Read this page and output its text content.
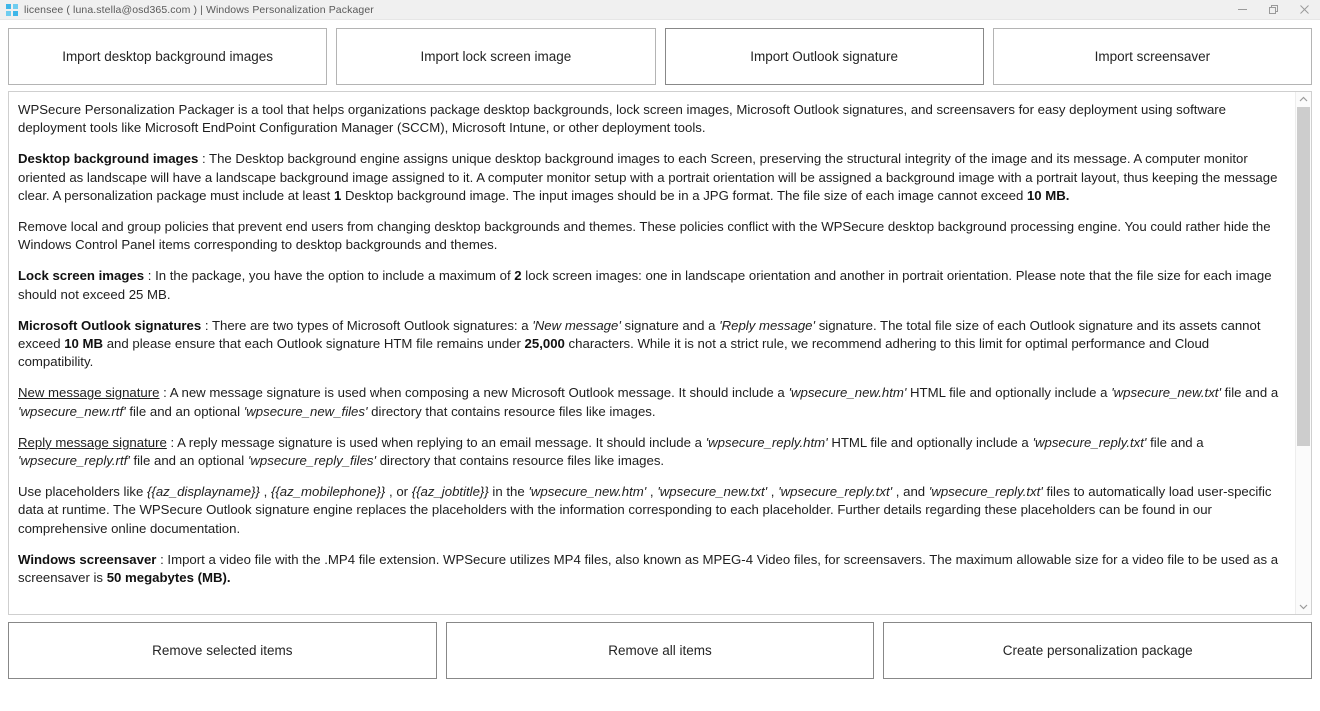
licensee ( luna.stella@osd365.com ) | Windows Personalization Packager
Import desktop background images	Import lock screen image	Import Outlook signature	Import screensaver

WPSecure Personalization Packager is a tool that helps organizations package desktop backgrounds, lock screen images, Microsoft Outlook signatures, and screensavers for easy deployment using software deployment tools like Microsoft EndPoint Configuration Manager (SCCM), Microsoft Intune, or other deployment tools.

Desktop background images : The Desktop background engine assigns unique desktop background images to each Screen, preserving the structural integrity of the image and its message. A computer monitor oriented as landscape will have a landscape background image assigned to it. A computer monitor setup with a portrait orientation will be assigned a background image with a portrait layout, thus keeping the message clear. A personalization package must include at least 1 Desktop background image. The input images should be in a JPG format. The file size of each image cannot exceed 10 MB.

Remove local and group policies that prevent end users from changing desktop backgrounds and themes. These policies conflict with the WPSecure desktop background processing engine. You could rather hide the Windows Control Panel items corresponding to desktop backgrounds and themes.

Lock screen images : In the package, you have the option to include a maximum of 2 lock screen images: one in landscape orientation and another in portrait orientation. Please note that the file size for each image should not exceed 25 MB.

Microsoft Outlook signatures : There are two types of Microsoft Outlook signatures: a 'New message' signature and a 'Reply message' signature. The total file size of each Outlook signature and its assets cannot exceed 10 MB and please ensure that each Outlook signature HTM file remains under 25,000 characters. While it is not a strict rule, we recommend adhering to this limit for optimal performance and Cloud compatibility.

New message signature : A new message signature is used when composing a new Microsoft Outlook message. It should include a 'wpsecure_new.htm' HTML file and optionally include a 'wpsecure_new.txt' file and a 'wpsecure_new.rtf' file and an optional 'wpsecure_new_files' directory that contains resource files like images.

Reply message signature : A reply message signature is used when replying to an email message. It should include a 'wpsecure_reply.htm' HTML file and optionally include a 'wpsecure_reply.txt' file and a 'wpsecure_reply.rtf' file and an optional 'wpsecure_reply_files' directory that contains resource files like images.

Use placeholders like {{az_displayname}} , {{az_mobilephone}} , or {{az_jobtitle}} in the 'wpsecure_new.htm' , 'wpsecure_new.txt' , 'wpsecure_reply.txt' , and 'wpsecure_reply.txt' files to automatically load user-specific data at runtime. The WPSecure Outlook signature engine replaces the placeholders with the information corresponding to each placeholder. Further details regarding these placeholders can be found in our comprehensive online documentation.

Windows screensaver : Import a video file with the .MP4 file extension. WPSecure utilizes MP4 files, also known as MPEG-4 Video files, for screensavers. The maximum allowable size for a video file to be used as a screensaver is 50 megabytes (MB).

Remove selected items	Remove all items	Create personalization package
